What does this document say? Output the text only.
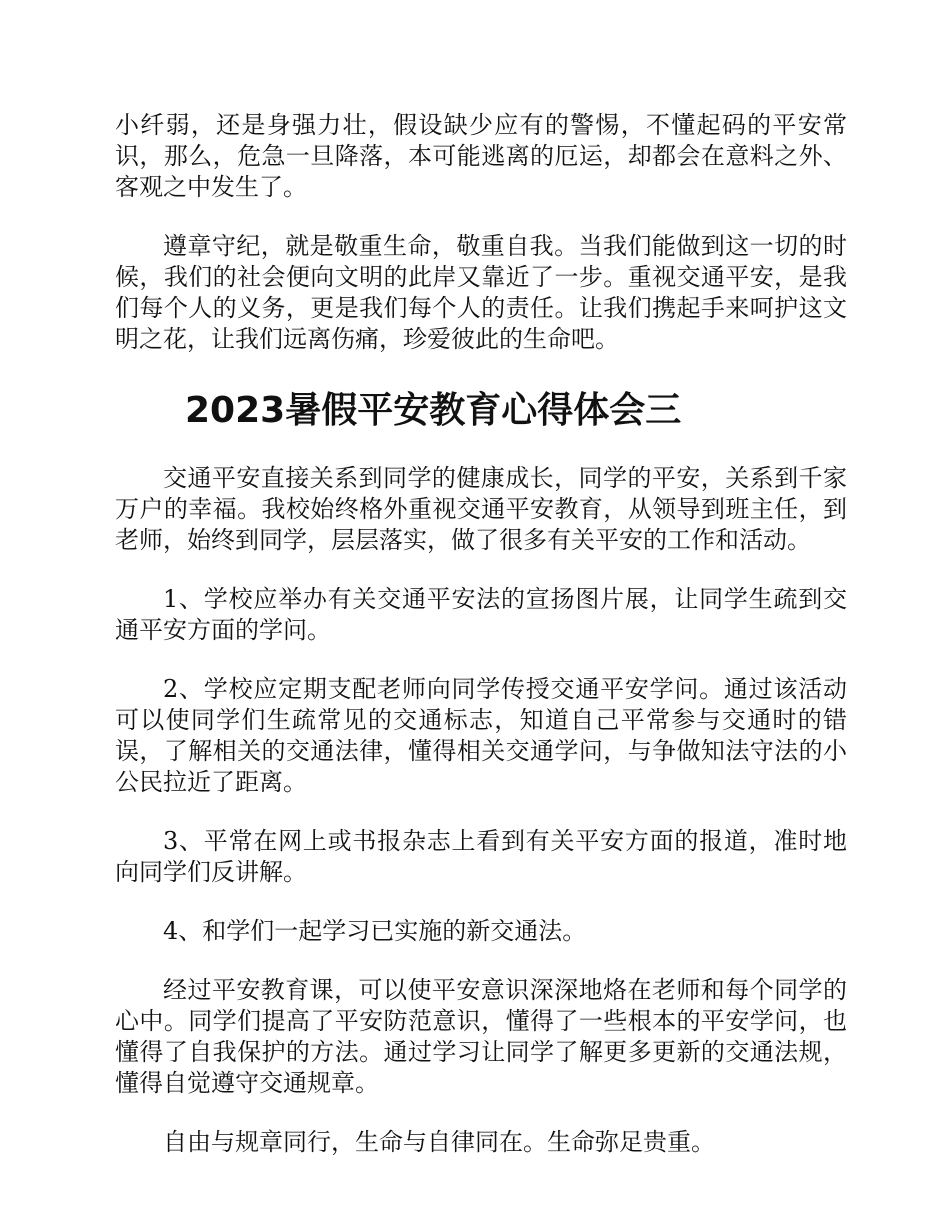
小纤弱，还是身强力壮，假设缺少应有的警惕，不懂起码的平安常识，那么，危急一旦降落，本可能逃离的厄运，却都会在意料之外、客观之中发生了。

遵章守纪，就是敬重生命，敬重自我。当我们能做到这一切的时候，我们的社会便向文明的此岸又靠近了一步。重视交通平安，是我们每个人的义务，更是我们每个人的责任。让我们携起手来呵护这文明之花，让我们远离伤痛，珍爱彼此的生命吧。

2023暑假平安教育心得体会三

交通平安直接关系到同学的健康成长，同学的平安，关系到千家万户的幸福。我校始终格外重视交通平安教育，从领导到班主任，到老师，始终到同学，层层落实，做了很多有关平安的工作和活动。

1、学校应举办有关交通平安法的宣扬图片展，让同学生疏到交通平安方面的学问。

2、学校应定期支配老师向同学传授交通平安学问。通过该活动可以使同学们生疏常见的交通标志，知道自己平常参与交通时的错误，了解相关的交通法律，懂得相关交通学问，与争做知法守法的小公民拉近了距离。

3、平常在网上或书报杂志上看到有关平安方面的报道，准时地向同学们反讲解。

4、和学们一起学习已实施的新交通法。

经过平安教育课，可以使平安意识深深地烙在老师和每个同学的心中。同学们提高了平安防范意识，懂得了一些根本的平安学问，也懂得了自我保护的方法。通过学习让同学了解更多更新的交通法规，懂得自觉遵守交通规章。

自由与规章同行，生命与自律同在。生命弥足贵重。
